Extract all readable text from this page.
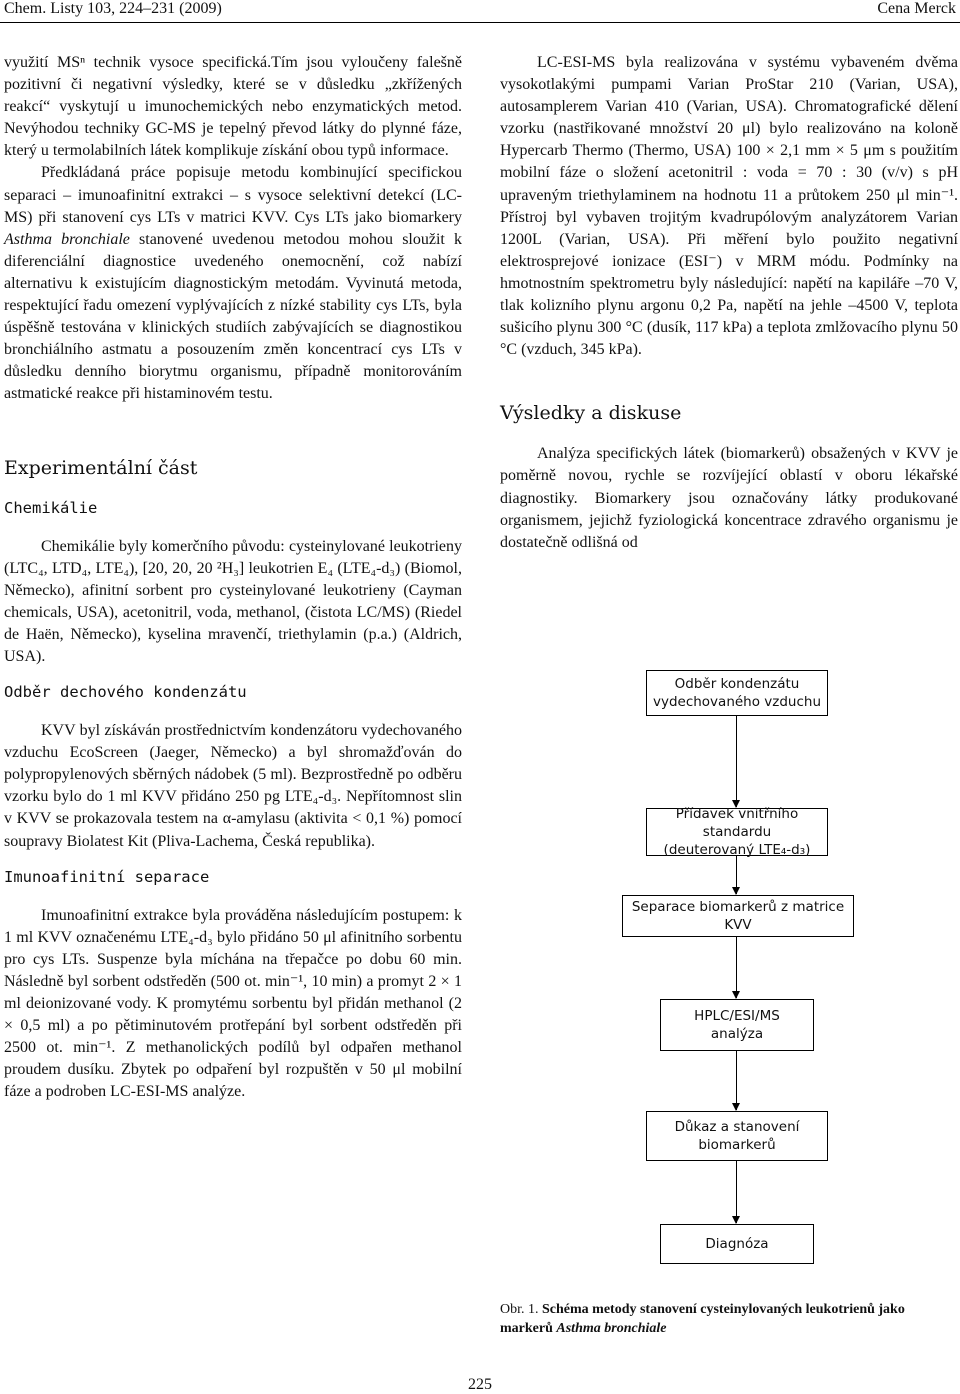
Chem. Listy 103, 224–231 (2009)	Cena Merck

využití MSⁿ technik vysoce specifická.Tím jsou vyloučeny falešně pozitivní či negativní výsledky, které se v důsledku „zkřížených reakcí“ vyskytují u imunochemických nebo enzymatických metod. Nevýhodou techniky GC-MS je tepelný převod látky do plynné fáze, který u termolabilních látek komplikuje získání obou typů informace.

Předkládaná práce popisuje metodu kombinující specifickou separaci – imunoafinitní extrakci – s vysoce selektivní detekcí (LC-MS) při stanovení cys LTs v matrici KVV. Cys LTs jako biomarkery Asthma bronchiale stanovené uvedenou metodou mohou sloužit k diferenciální diagnostice uvedeného onemocnění, což nabízí alternativu k existujícím diagnostickým metodám. Vyvinutá metoda, respektující řadu omezení vyplývajících z nízké stability cys LTs, byla úspěšně testována v klinických studiích zabývajících se diagnostikou bronchiálního astmatu a posouzením změn koncentrací cys LTs v důsledku denního biorytmu organismu, případně monitorováním astmatické reakce při histaminovém testu.

Experimentální část

Chemikálie

Chemikálie byly komerčního původu: cysteinylované leukotrieny (LTC₄, LTD₄, LTE₄), [20, 20, 20 ²H₃] leukotrien E₄ (LTE₄-d₃) (Biomol, Německo), afinitní sorbent pro cysteinylované leukotrieny (Cayman chemicals, USA), acetonitril, voda, methanol, (čistota LC/MS) (Riedel de Haën, Německo), kyselina mravenčí, triethylamin (p.a.) (Aldrich, USA).

Odběr dechového kondenzátu

KVV byl získáván prostřednictvím kondenzátoru vydechovaného vzduchu EcoScreen (Jaeger, Německo) a byl shromažďován do polypropylenových sběrných nádobek (5 ml). Bezprostředně po odběru vzorku bylo do 1 ml KVV přidáno 250 pg LTE₄-d₃. Nepřítomnost slin v KVV se prokazovala testem na α-amylasu (aktivita < 0,1 %) pomocí soupravy Biolatest Kit (Pliva-Lachema, Česká republika).

Imunoafinitní separace

Imunoafinitní extrakce byla prováděna následujícím postupem: k 1 ml KVV označenému LTE₄-d₃ bylo přidáno 50 μl afinitního sorbentu pro cys LTs. Suspenze byla míchána na třepačce po dobu 60 min. Následně byl sorbent odstředěn (500 ot. min⁻¹, 10 min) a promyt 2 × 1 ml deionizované vody. K promytému sorbentu byl přidán methanol (2 × 0,5 ml) a po pětiminutovém protřepání byl sorbent odstředěn při 2500 ot. min⁻¹. Z methanolických podílů byl odpařen methanol proudem dusíku. Zbytek po odpaření byl rozpuštěn v 50 μl mobilní fáze a podroben LC-ESI-MS analýze.

LC-ESI-MS byla realizována v systému vybaveném dvěma vysokotlakými pumpami Varian ProStar 210 (Varian, USA), autosamplerem Varian 410 (Varian, USA). Chromatografické dělení vzorku (nastřikované množství 20 μl) bylo realizováno na koloně Hypercarb Thermo (Thermo, USA) 100 × 2,1 mm × 5 μm s použitím mobilní fáze o složení acetonitril : voda = 70 : 30 (v/v) s pH upraveným triethylaminem na hodnotu 11 a průtokem 250 μl min⁻¹. Přístroj byl vybaven trojitým kvadrupólovým analyzátorem Varian 1200L (Varian, USA). Při měření bylo použito negativní elektrosprejové ionizace (ESI⁻) v MRM módu. Podmínky na hmotnostním spektrometru byly následující: napětí na kapiláře –70 V, tlak kolizního plynu argonu 0,2 Pa, napětí na jehle –4500 V, teplota sušicího plynu 300 °C (dusík, 117 kPa) a teplota zmlžovacího plynu 50 °C (vzduch, 345 kPa).

Výsledky a diskuse

Analýza specifických látek (biomarkerů) obsažených v KVV je poměrně novou, rychle se rozvíjející oblastí v oboru lékařské diagnostiky. Biomarkery jsou označovány látky produkované organismem, jejichž fyziologická koncentrace zdravého organismu je dostatečně odlišná od

Odběr kondenzátu
vydechovaného vzduchu
Přídavek vnitřního standardu
(deuterovaný LTE₄-d₃)
Separace biomarkerů z matrice
KVV
HPLC/ESI/MS
analýza
Důkaz a stanovení
biomarkerů
Diagnóza
Obr. 1. Schéma metody stanovení cysteinylovaných leukotrienů jako markerů Asthma bronchiale
225
